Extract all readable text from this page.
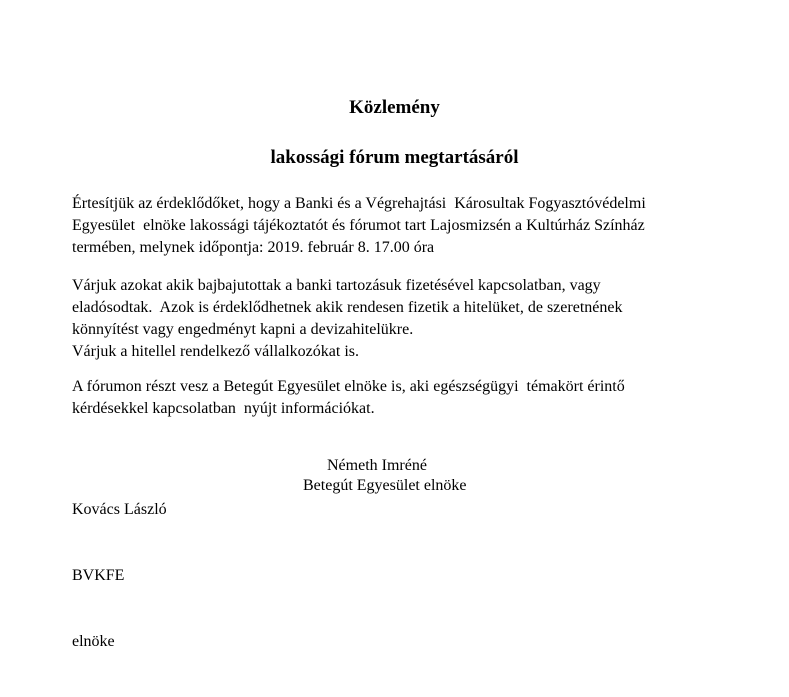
Közlemény
lakossági fórum megtartásáról
Értesítjük az érdeklődőket, hogy a Banki és a Végrehajtási  Károsultak Fogyasztóvédelmi
Egyesület  elnöke lakossági tájékoztatót és fórumot tart Lajosmizsén a Kultúrház Színház
termében, melynek időpontja: 2019. február 8. 17.00 óra
Várjuk azokat akik bajbajutottak a banki tartozásuk fizetésével kapcsolatban, vagy
eladósodtak.  Azok is érdeklődhetnek akik rendesen fizetik a hitelüket, de szeretnének
könnyítést vagy engedményt kapni a devizahitelükre.
Várjuk a hitellel rendelkező vállalkozókat is.
A fórumon részt vesz a Betegút Egyesület elnöke is, aki egészségügyi  témakört érintő
kérdésekkel kapcsolatban  nyújt információkat.

Kovács László

BVKFE

elnöke

Németh Imréné
Betegút Egyesület elnöke
